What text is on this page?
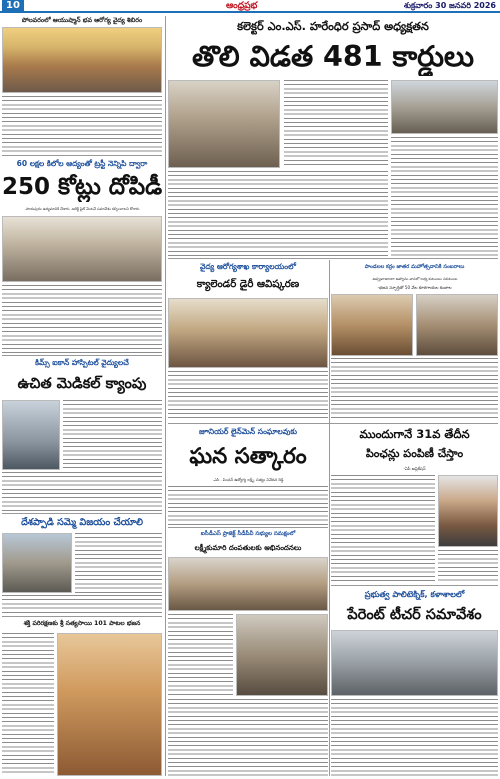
10	ఆంధ్రప్రభ	శుక్రవారం 30 జనవరి 2026
పోలవరంలో ఆయుష్మాన్ భవ ఆరోగ్య వైద్య శిబిరం
60 లక్షల కిలోల ఆద్యంతో ట్రస్టీ నెన్నిపి ద్వారా
250 కోట్లు దోపిడీ
-సాయపురం ఉద్యమానికి చేశారు -ఆరెక్టీ ఫైల్ వెంటనే సమావేశం కల్పించాలని కోరారు
కిమ్స్ ఐకాన్ హాస్పిటల్ వైద్యులచే
ఉచిత మెడికల్ క్యాంపు
దేశప్పాడి సమ్మె విజయం చేయాలి
శక్తి పరిరక్షణకు శ్రీ సత్యసాయి 101 పాటల భజన
కలెక్టర్ ఎం.ఎస్. హరేంధిర ప్రసాద్ అధ్యక్షతన
తొలి విడత 481 కార్డులు
వైద్య ఆరోగ్యశాఖ కార్యాలయంలో
క్యాలెండర్ డైరీ ఆవిష్కరణ
పాండలల కర్రం జాతర మహోత్సవానికి సంబరాలు
-ఆస్ప్రవాడాలలా ఆహ్వానం వానలో లభ్య కుటుంబం సకుటుంబ
-భజన స్ఫూర్తితో 50 వేల కూరగాయల కంబాల
జూనియర్ లైన్‌మెన్ సంఘాలవుకు
ఘన సత్కారం
-ఎసి . పింఛన్ ఉద్యోగ్య లక్ష్మీ, సత్యం నివేదన రెడ్డి
ముందుగానే 31వ తేదీన
పింఛన్లు పంపిణీ చేస్తాం
-ఏపీ అప్లికేషన్
ఐసీడీఎస్ ప్రాజెక్ట్ సీడీపీవీ సభ్యుల సమక్షంలో
లక్ష్మీకుమారి దంపతులకు అభినందనలు
ప్రభుత్వ పాలిటెక్నిక్, కళాశాలలో
పేరెంట్ టీచర్ సమావేశం
